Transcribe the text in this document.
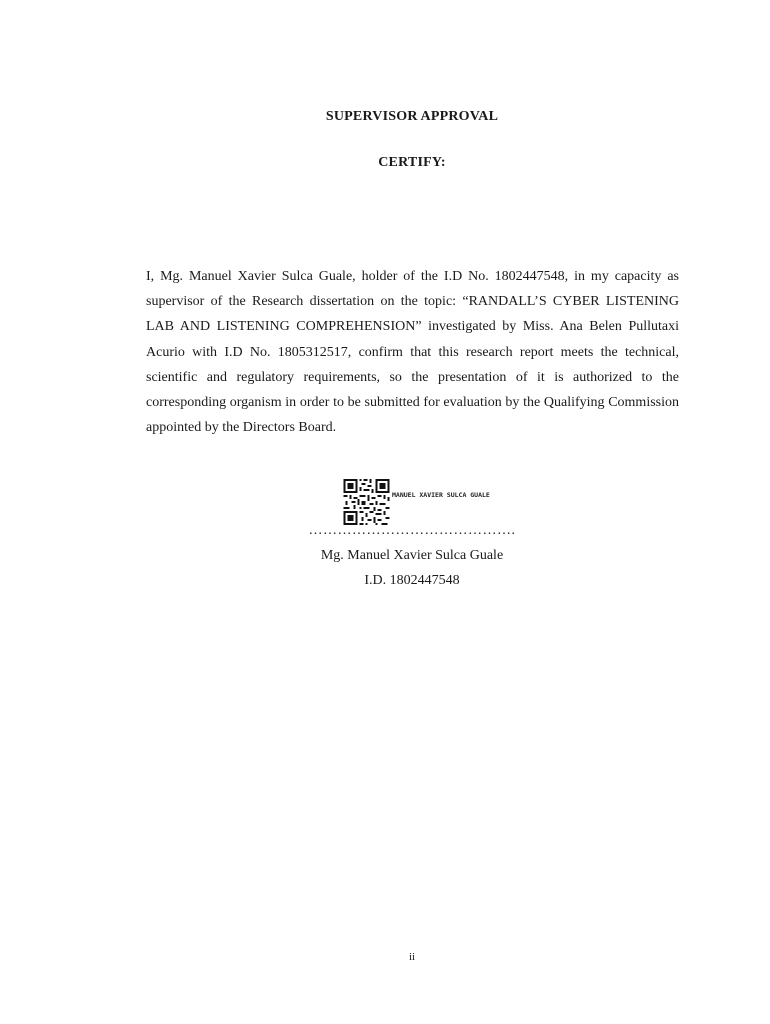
SUPERVISOR APPROVAL
CERTIFY:

I, Mg. Manuel Xavier Sulca Guale, holder of the I.D No. 1802447548, in my capacity as supervisor of the Research dissertation on the topic: “RANDALL’S CYBER LISTENING LAB AND LISTENING COMPREHENSION” investigated by Miss. Ana Belen Pullutaxi Acurio with I.D No. 1805312517, confirm that this research report meets the technical, scientific and regulatory requirements, so the presentation of it is authorized to the corresponding organism in order to be submitted for evaluation by the Qualifying Commission appointed by the Directors Board.

MANUEL XAVIER SULCA GUALE
…………………………………….
Mg. Manuel Xavier Sulca Guale
I.D. 1802447548
ii
